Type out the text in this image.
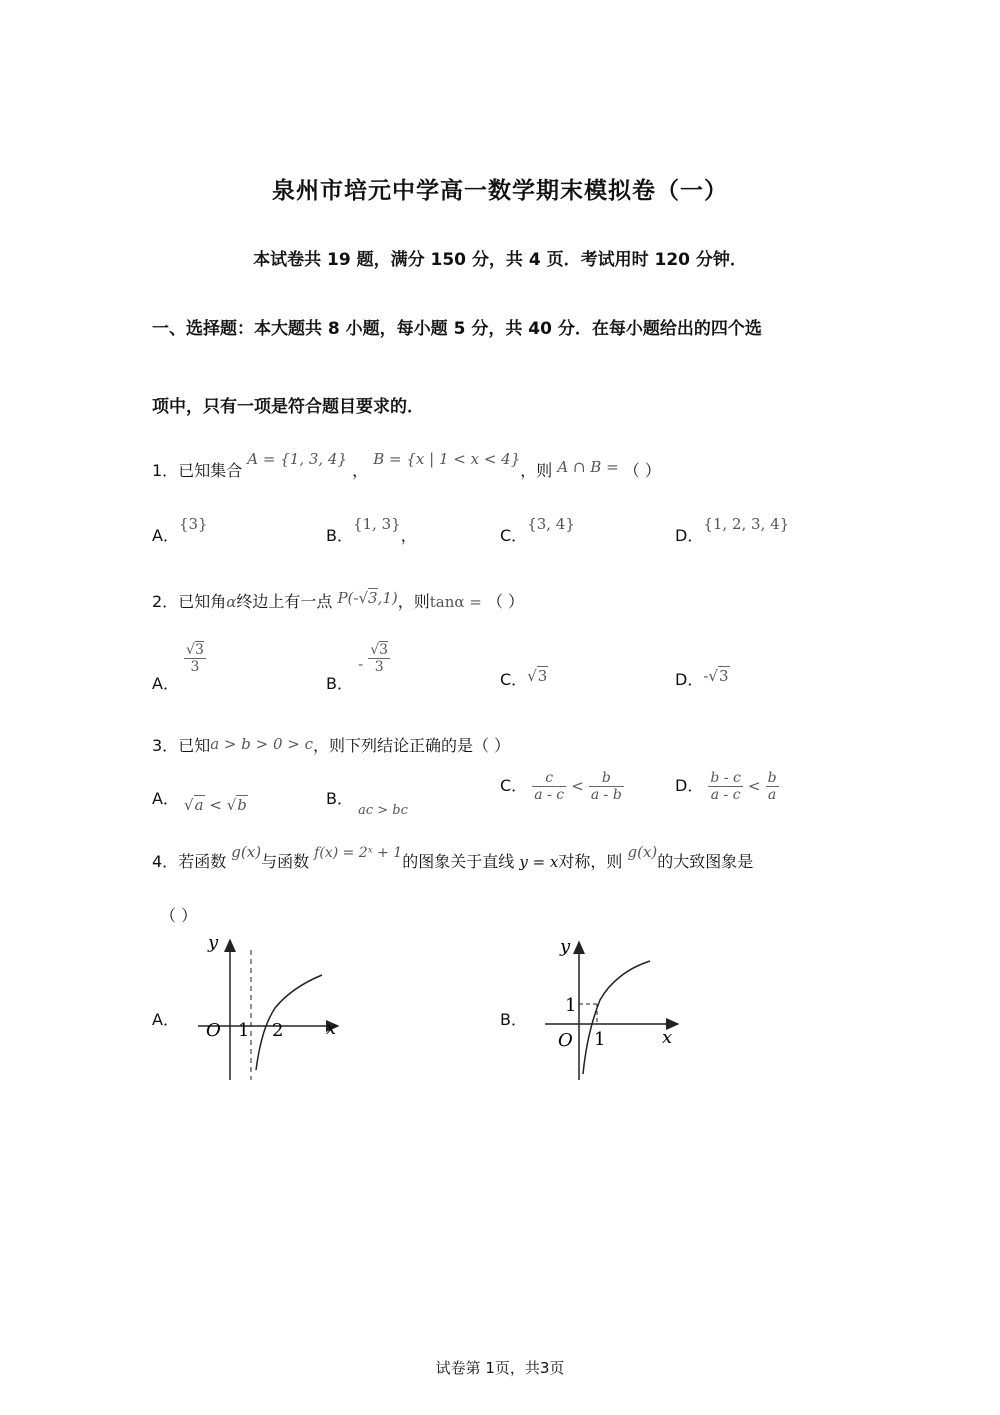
泉州市培元中学高一数学期末模拟卷（一）
本试卷共 19 题，满分 150 分，共 4 页．考试用时 120 分钟．
一、选择题：本大题共 8 小题，每小题 5 分，共 40 分．在每小题给出的四个选
项中，只有一项是符合题目要求的．
1．已知集合 A = {1, 3, 4} ， B = {x | 1 < x < 4}，则 A ∩ B = （ ）
A．{3}
B．{1, 3}，	C．{3, 4}
D．{1, 2, 3, 4}
2．已知角α终边上有一点 P(-√3,1)，则tanα = （ ）
A．
$\frac{√3}{3}$
B． - $\frac{√3}{3}$
C．√3	D．-√3
3．已知a > b > 0 > c，则下列结论正确的是（ ）
A． √a < √b	B． $_{ac > bc}$
C． $\frac{c}{a - c} < \frac{b}{a - b}$	D． $\frac{b - c}{a - c} < \frac{b}{a}$
4．若函数 g(x)与函数 f(x) = 2ˣ + 1的图象关于直线 y = x对称，则 g(x)的大致图象是
（ ）
A．
y
O 1 2 x	B．
y
1
O 1	x
试卷第 1页，共3页
